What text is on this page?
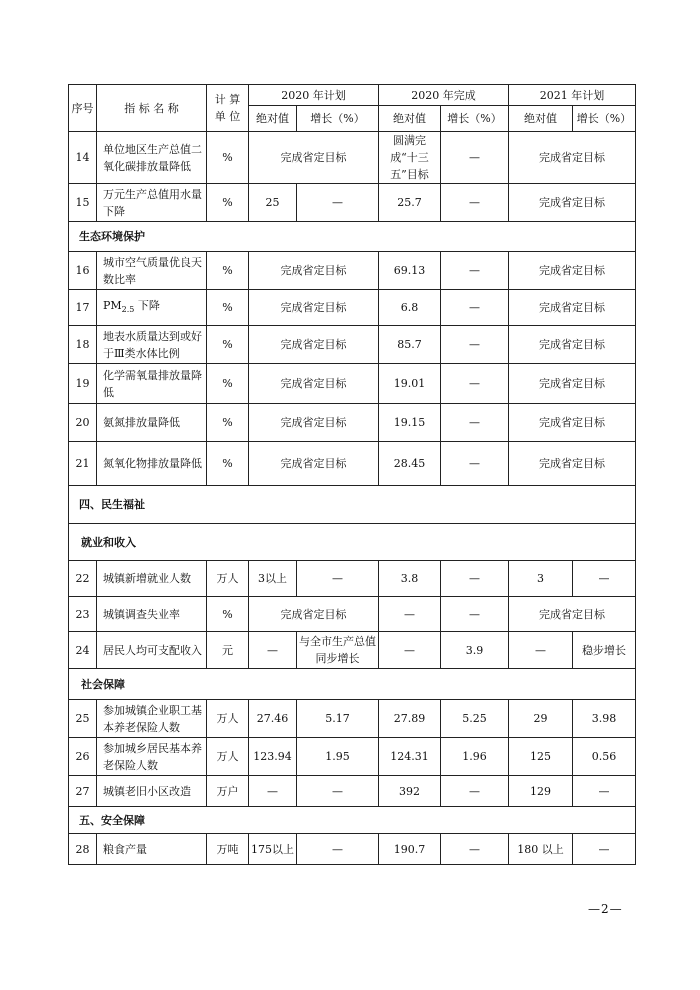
序号	指 标 名 称	计 算 单 位	2020 年计划		2020 年完成		2021 年计划	
			绝对值	增长（%）	绝对值	增长（%）	绝对值	增长（%）
14	单位地区生产总值二氧化碳排放量降低	%	完成省定目标		圆满完成“十三五”目标	—	完成省定目标	
15	万元生产总值用水量下降	%	25	—	25.7	—	完成省定目标	
生态环境保护								
16	城市空气质量优良天数比率	%	完成省定目标		69.13	—	完成省定目标	
17	$PM_{2.5}$ 下降	%	完成省定目标		6.8	—	完成省定目标	
18	地表水质量达到或好于Ⅲ类水体比例	%	完成省定目标		85.7	—	完成省定目标	
19	化学需氧量排放量降低	%	完成省定目标		19.01	—	完成省定目标	
20	氨氮排放量降低	%	完成省定目标		19.15	—	完成省定目标	
21	氮氧化物排放量降低	%	完成省定目标		28.45	—	完成省定目标	
四、民生福祉								
就业和收入								
22	城镇新增就业人数	万人	3以上	—	3.8	—	3	—
23	城镇调查失业率	%	完成省定目标		—	—	完成省定目标	
24	居民人均可支配收入	元	—	与全市生产总值同步增长	—	3.9	—	稳步增长
社会保障								
25	参加城镇企业职工基本养老保险人数	万人	27.46	5.17	27.89	5.25	29	3.98
26	参加城乡居民基本养老保险人数	万人	123.94	1.95	124.31	1.96	125	0.56
27	城镇老旧小区改造	万户	—	—	392	—	129	—
五、安全保障								
28	粮食产量	万吨	175以上	—	190.7	—	180 以上	—
—2—
